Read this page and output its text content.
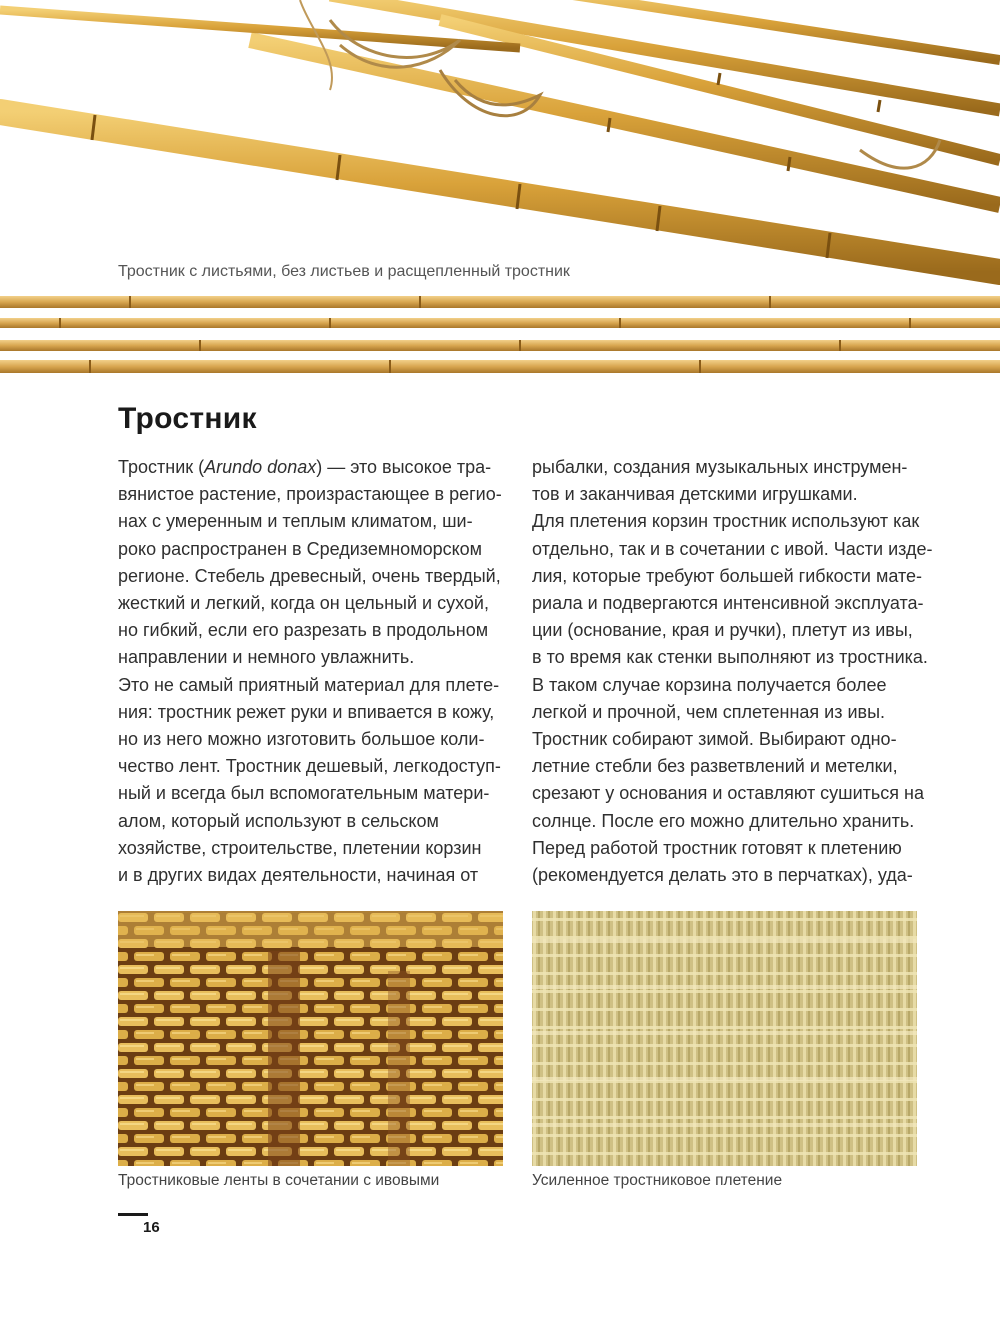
Тростник с листьями, без листьев и расщепленный тростник

Тростник
Тростник (Arundo donax) — это высокое тра-
вянистое растение, произрастающее в регио-
нах с умеренным и теплым климатом, ши-
роко распространен в Средиземноморском
регионе. Стебель древесный, очень твердый,
жесткий и легкий, когда он цельный и сухой,
но гибкий, если его разрезать в продольном
направлении и немного увлажнить.
Это не самый приятный материал для плете-
ния: тростник режет руки и впивается в кожу,
но из него можно изготовить большое коли-
чество лент. Тростник дешевый, легкодоступ-
ный и всегда был вспомогательным матери-
алом, который используют в сельском
хозяйстве, строительстве, плетении корзин
и в других видах деятельности, начиная от
рыбалки, создания музыкальных инструмен-
тов и заканчивая детскими игрушками.
Для плетения корзин тростник используют как
отдельно, так и в сочетании с ивой. Части изде-
лия, которые требуют большей гибкости мате-
риала и подвергаются интенсивной эксплуата-
ции (основание, края и ручки), плетут из ивы,
в то время как стенки выполняют из тростника.
В таком случае корзина получается более
легкой и прочной, чем сплетенная из ивы.
Тростник собирают зимой. Выбирают одно-
летние стебли без разветвлений и метелки,
срезают у основания и оставляют сушиться на
солнце. После его можно длительно хранить.
Перед работой тростник готовят к плетению
(рекомендуется делать это в перчатках), уда-

Тростниковые ленты в сочетании с ивовыми	Усиленное тростниковое плетение

16
